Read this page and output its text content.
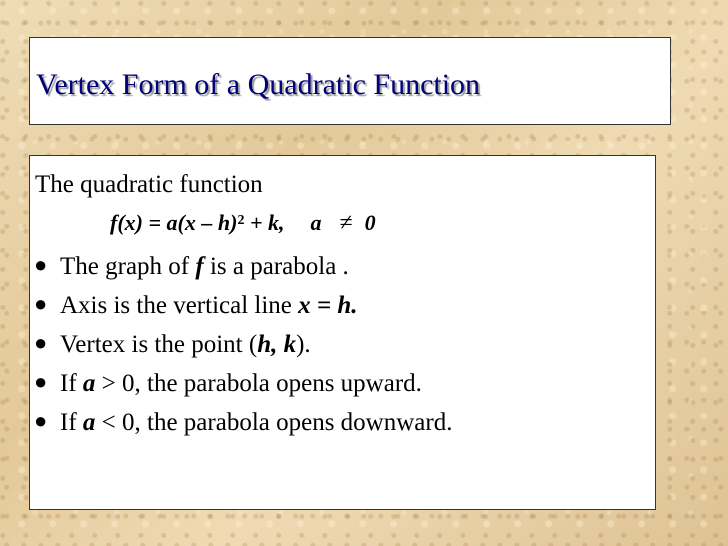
Vertex Form of a Quadratic Function
The quadratic function
f(x) = a(x – h)$^2$ + k, a ≠ 0
● The graph of f is a parabola .
● Axis is the vertical line x = h.
● Vertex is the point (h, k).
● If a > 0, the parabola opens upward.
● If a < 0, the parabola opens downward.
